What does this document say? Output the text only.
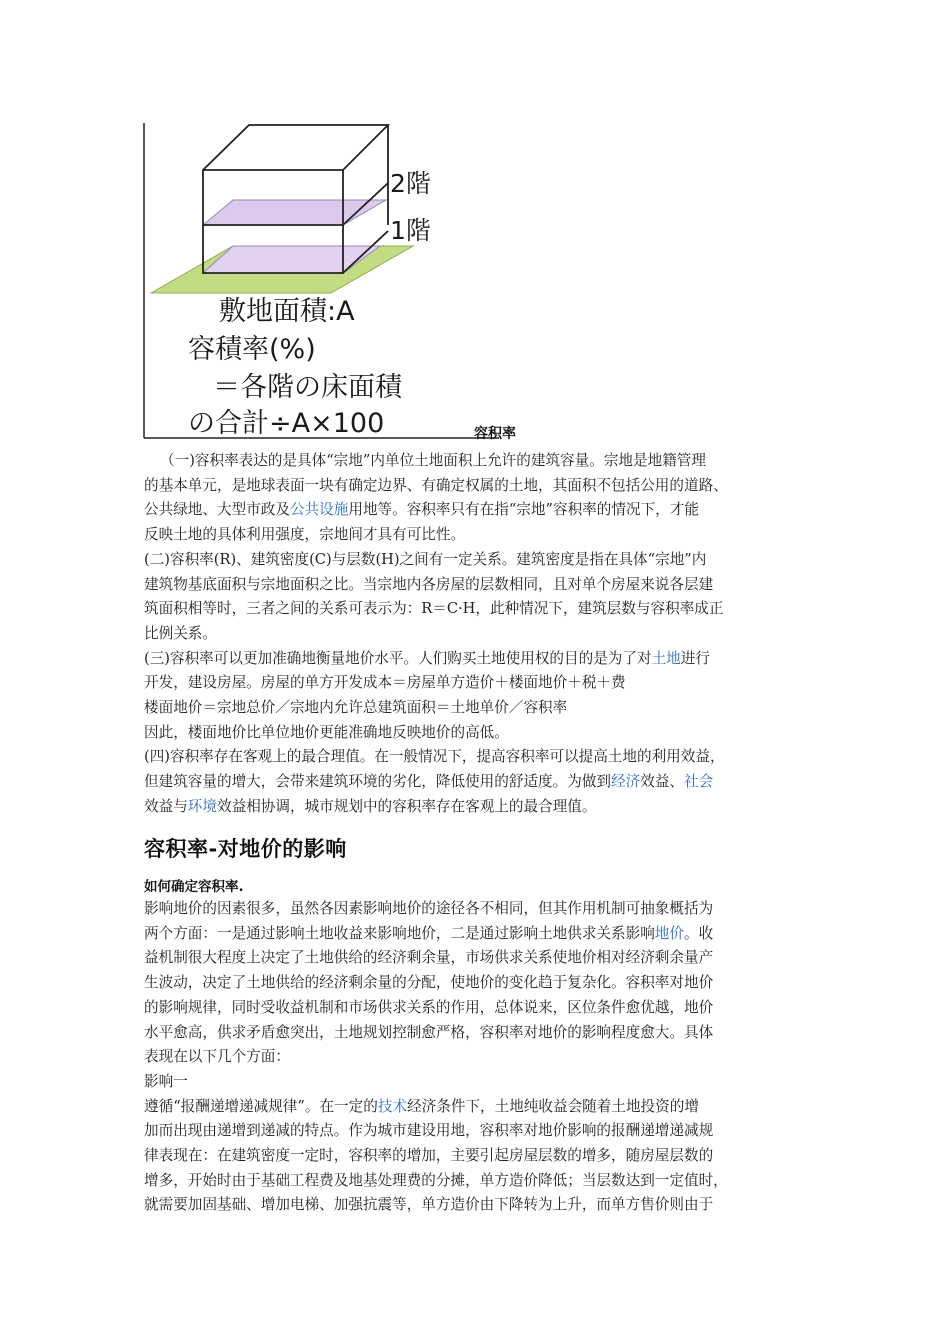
2階
1階
敷地面積:A
容積率(%)
＝各階の床面積
の合計÷A×100	容积率

（一)容积率表达的是具体“宗地”内单位土地面积上允许的建筑容量。宗地是地籍管理
的基本单元，是地球表面一块有确定边界、有确定权属的土地，其面积不包括公用的道路、
公共绿地、大型市政及公共设施用地等。容积率只有在指“宗地”容积率的情况下，才能
反映土地的具体利用强度，宗地间才具有可比性。

(二)容积率(R)、建筑密度(C)与层数(H)之间有一定关系。建筑密度是指在具体“宗地”内
建筑物基底面积与宗地面积之比。当宗地内各房屋的层数相同，且对单个房屋来说各层建
筑面积相等时，三者之间的关系可表示为：R＝C·H，此种情况下，建筑层数与容积率成正
比例关系。

(三)容积率可以更加准确地衡量地价水平。人们购买土地使用权的目的是为了对土地进行
开发，建设房屋。房屋的单方开发成本＝房屋单方造价＋楼面地价＋税＋费
楼面地价＝宗地总价／宗地内允许总建筑面积＝土地单价／容积率
因此，楼面地价比单位地价更能准确地反映地价的高低。

(四)容积率存在客观上的最合理值。在一般情况下，提高容积率可以提高土地的利用效益，
但建筑容量的增大，会带来建筑环境的劣化，降低使用的舒适度。为做到经济效益、社会
效益与环境效益相协调，城市规划中的容积率存在客观上的最合理值。

容积率-对地价的影响
如何确定容积率.

影响地价的因素很多，虽然各因素影响地价的途径各不相同，但其作用机制可抽象概括为
两个方面：一是通过影响土地收益来影响地价，二是通过影响土地供求关系影响地价。收
益机制很大程度上决定了土地供给的经济剩余量，市场供求关系使地价相对经济剩余量产
生波动，决定了土地供给的经济剩余量的分配，使地价的变化趋于复杂化。容积率对地价
的影响规律，同时受收益机制和市场供求关系的作用，总体说来，区位条件愈优越，地价
水平愈高，供求矛盾愈突出，土地规划控制愈严格，容积率对地价的影响程度愈大。具体
表现在以下几个方面：

影响一

遵循“报酬递增递减规律”。在一定的技术经济条件下，土地纯收益会随着土地投资的增
加而出现由递增到递减的特点。作为城市建设用地，容积率对地价影响的报酬递增递减规
律表现在：在建筑密度一定时，容积率的增加，主要引起房屋层数的增多，随房屋层数的
增多，开始时由于基础工程费及地基处理费的分摊，单方造价降低；当层数达到一定值时，
就需要加固基础、增加电梯、加强抗震等，单方造价由下降转为上升，而单方售价则由于
